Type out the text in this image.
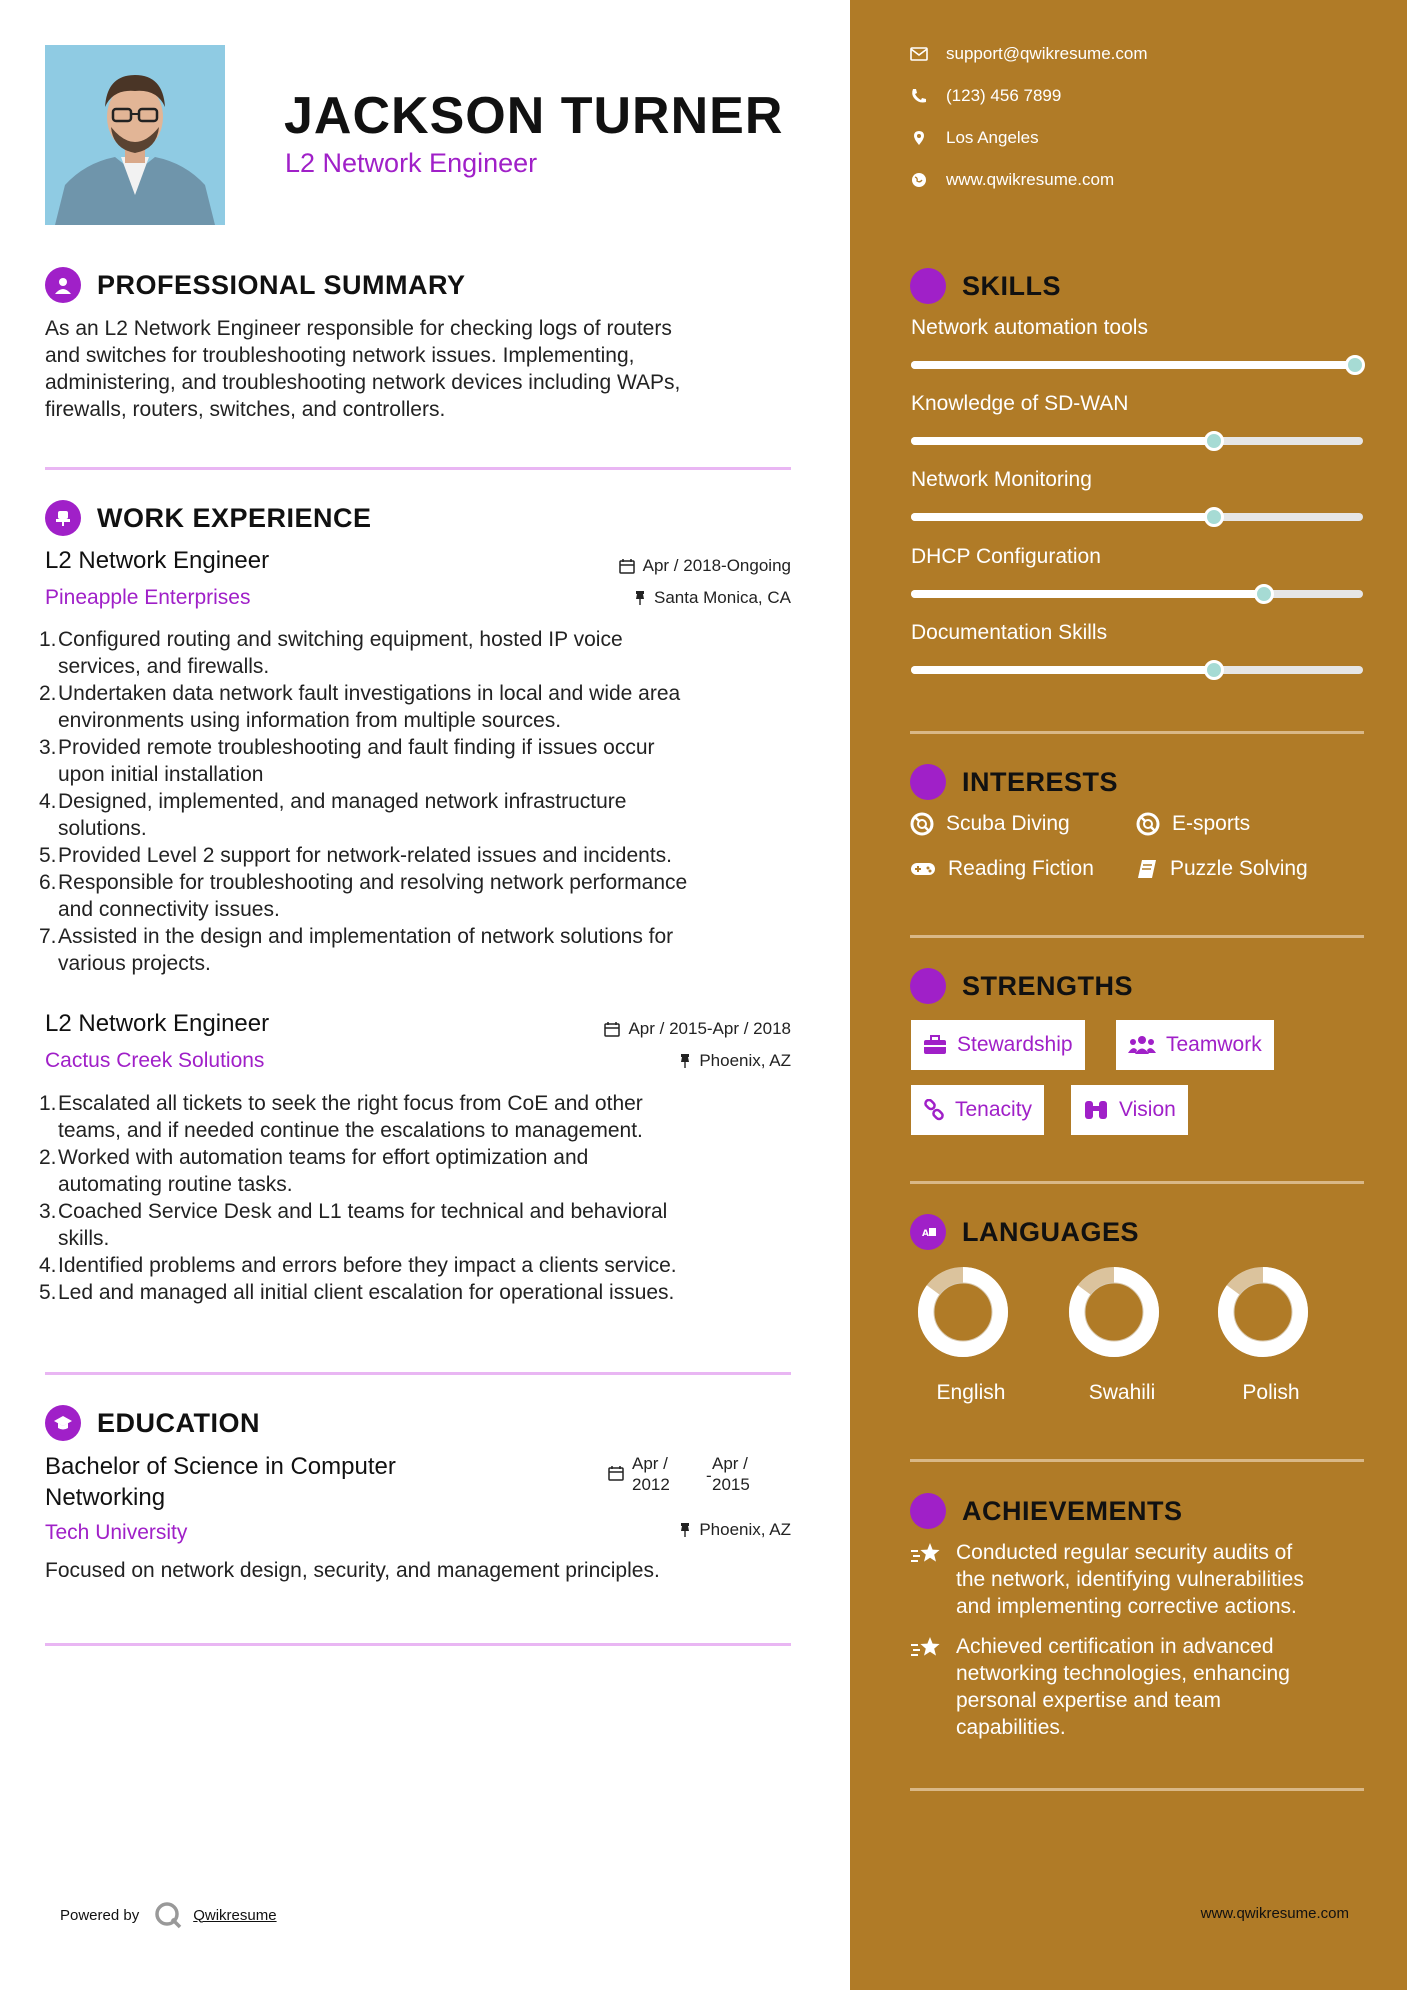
JACKSON TURNER
L2 Network Engineer
PROFESSIONAL SUMMARY
As an L2 Network Engineer responsible for checking logs of routers
and switches for troubleshooting network issues. Implementing,
administering, and troubleshooting network devices including WAPs,
firewalls, routers, switches, and controllers.
WORK EXPERIENCE
L2 Network Engineer
Pineapple Enterprises
Apr / 2018-Ongoing
Santa Monica, CA
1. Configured routing and switching equipment, hosted IP voice
services, and firewalls.
2. Undertaken data network fault investigations in local and wide area
environments using information from multiple sources.
3. Provided remote troubleshooting and fault finding if issues occur
upon initial installation
4. Designed, implemented, and managed network infrastructure
solutions.
5. Provided Level 2 support for network-related issues and incidents.
6. Responsible for troubleshooting and resolving network performance
and connectivity issues.
7. Assisted in the design and implementation of network solutions for
various projects.
L2 Network Engineer
Cactus Creek Solutions
Apr / 2015-Apr / 2018
Phoenix, AZ
1. Escalated all tickets to seek the right focus from CoE and other
teams, and if needed continue the escalations to management.
2. Worked with automation teams for effort optimization and
automating routine tasks.
3. Coached Service Desk and L1 teams for technical and behavioral
skills.
4. Identified problems and errors before they impact a clients service.
5. Led and managed all initial client escalation for operational issues.
EDUCATION
Bachelor of Science in Computer
Networking
Tech University
Apr /
2012	-
Apr /
2015
Phoenix, AZ
Focused on network design, security, and management principles.
Powered by	Qwikresume	www.qwikresume.com
support@qwikresume.com
(123) 456 7899
Los Angeles
www.qwikresume.com
SKILLS
Network automation tools
Knowledge of SD-WAN
Network Monitoring
DHCP Configuration
Documentation Skills
INTERESTS
Scuba Diving	E-sports
Reading Fiction	Puzzle Solving
STRENGTHS
Stewardship	Teamwork
Tenacity	Vision
A LANGUAGES
English	Swahili	Polish
ACHIEVEMENTS
Conducted regular security audits of
the network, identifying vulnerabilities
and implementing corrective actions.
Achieved certification in advanced
networking technologies, enhancing
personal expertise and team
capabilities.
